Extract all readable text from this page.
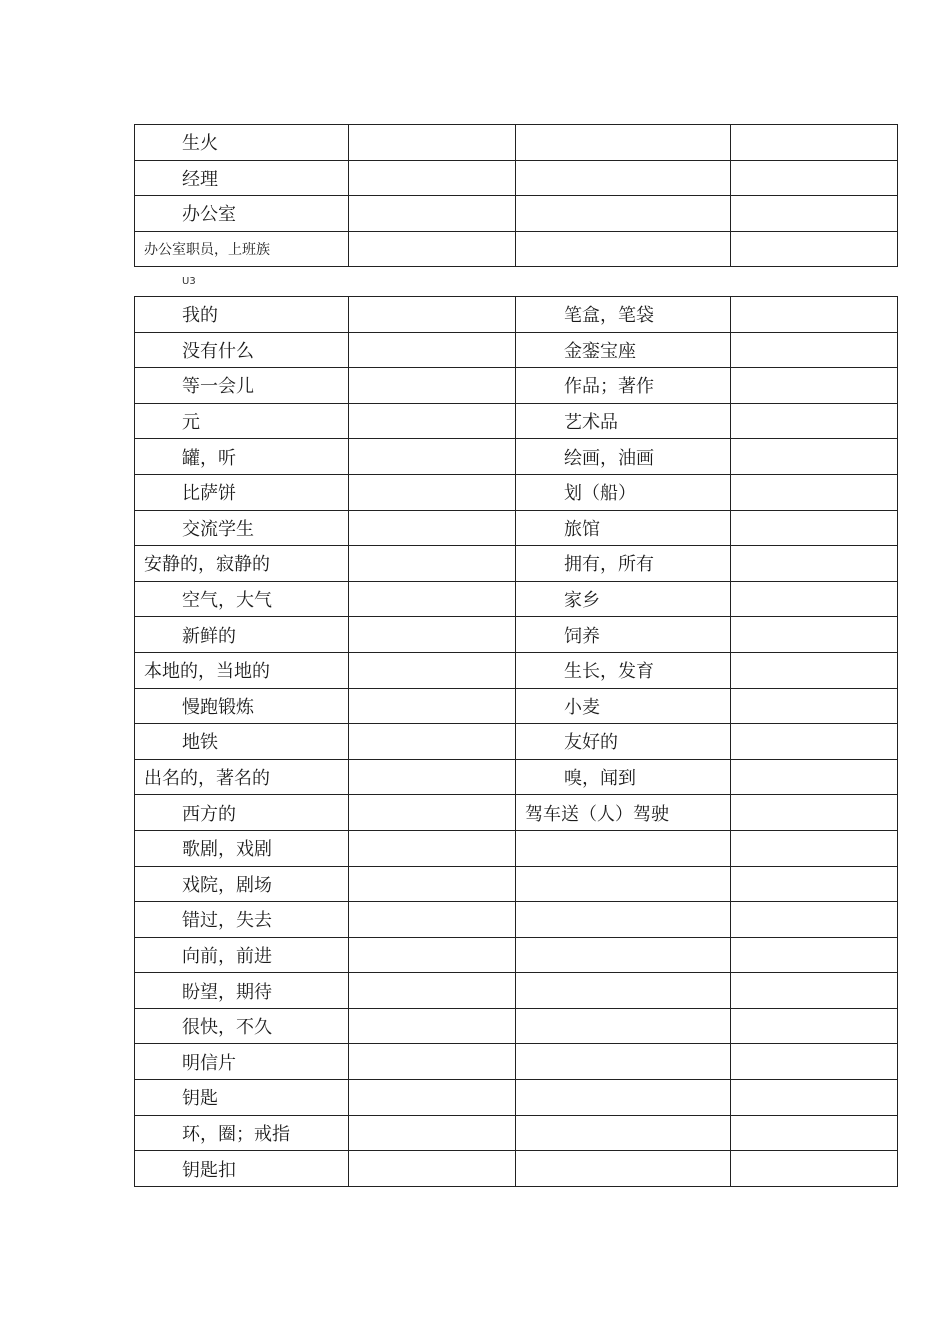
生火			
经理			
办公室			
办公室职员，上班族			
U3
我的		笔盒，笔袋	
没有什么		金銮宝座	
等一会儿		作品；著作	
元		艺术品	
罐，听		绘画，油画	
比萨饼		划（船）	
交流学生		旅馆	
安静的，寂静的		拥有，所有	
空气，大气		家乡	
新鲜的		饲养	
本地的，当地的		生长，发育	
慢跑锻炼		小麦	
地铁		友好的	
出名的，著名的		嗅，闻到	
西方的		驾车送（人）驾驶	
歌剧，戏剧			
戏院，剧场			
错过，失去			
向前，前进			
盼望，期待			
很快，不久			
明信片			
钥匙			
环，圈；戒指			
钥匙扣			
